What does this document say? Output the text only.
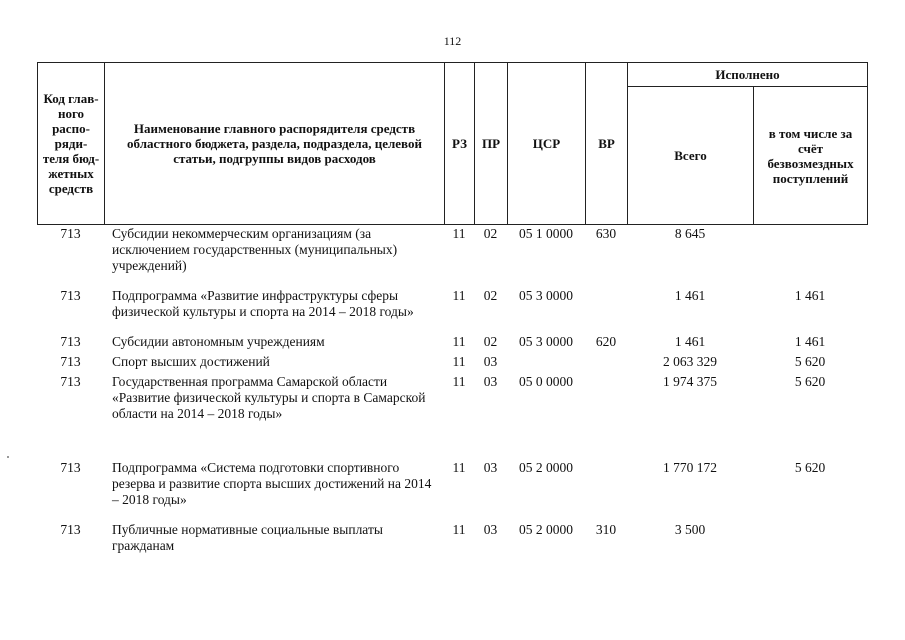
112
Код глав-ного распо-ряди-теля бюд-жетных средств	Наименование главного распорядителя средств областного бюджета, раздела, подраздела, целевой статьи, подгруппы видов расходов	РЗ	ПР	ЦСР	ВР	Исполнено	
						Всего	в том числе за счёт безвозмездных поступлений
713	Субсидии некоммерческим организациям (за исключением государственных (муниципальных) учреждений)	11	02	05 1 0000	630	8 645	
713	Подпрограмма «Развитие инфраструктуры сферы физической культуры и спорта на 2014 – 2018 годы»	11	02	05 3 0000		1 461	1 461
713	Субсидии автономным учреждениям	11	02	05 3 0000	620	1 461	1 461
713	Спорт высших достижений	11	03			2 063 329	5 620
713	Государственная программа Самарской области «Развитие физической культуры и спорта в Самарской области на 2014 – 2018 годы»	11	03	05 0 0000		1 974 375	5 620
713	Подпрограмма «Система подготовки спортивного резерва и развитие спорта высших достижений на 2014 – 2018 годы»	11	03	05 2 0000		1 770 172	5 620
713	Публичные нормативные социальные выплаты гражданам	11	03	05 2 0000	310	3 500	
